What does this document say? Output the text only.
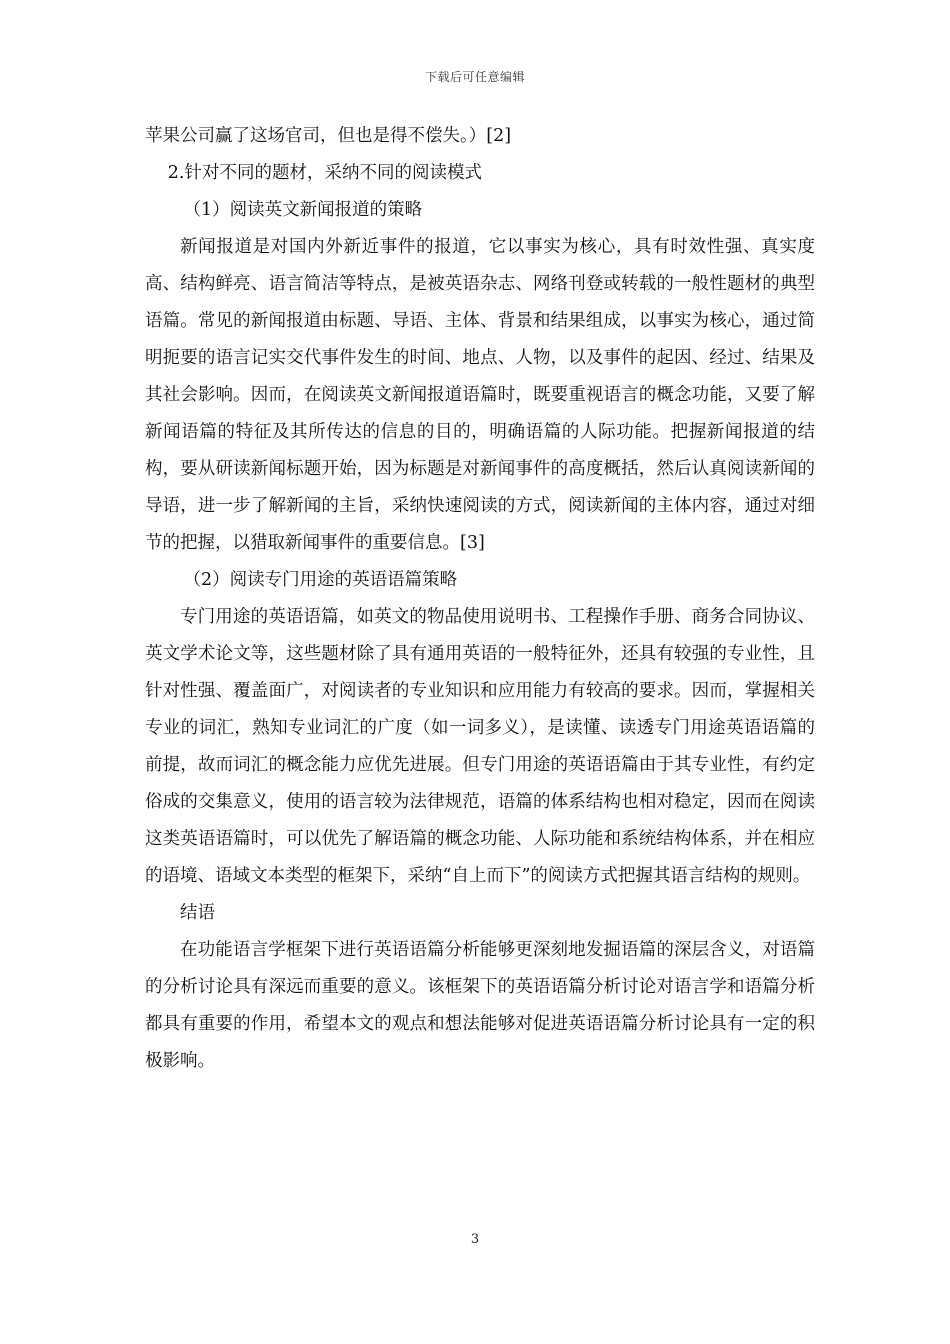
下载后可任意编辑

苹果公司赢了这场官司，但也是得不偿失。）[2]

2.针对不同的题材，采纳不同的阅读模式

（1）阅读英文新闻报道的策略

新闻报道是对国内外新近事件的报道，它以事实为核心，具有时效性强、真实度高、结构鲜亮、语言简洁等特点，是被英语杂志、网络刊登或转载的一般性题材的典型语篇。常见的新闻报道由标题、导语、主体、背景和结果组成，以事实为核心，通过简明扼要的语言记实交代事件发生的时间、地点、人物，以及事件的起因、经过、结果及其社会影响。因而，在阅读英文新闻报道语篇时，既要重视语言的概念功能，又要了解新闻语篇的特征及其所传达的信息的目的，明确语篇的人际功能。把握新闻报道的结构，要从研读新闻标题开始，因为标题是对新闻事件的高度概括，然后认真阅读新闻的导语，进一步了解新闻的主旨，采纳快速阅读的方式，阅读新闻的主体内容，通过对细节的把握，以猎取新闻事件的重要信息。[3]

（2）阅读专门用途的英语语篇策略

专门用途的英语语篇，如英文的物品使用说明书、工程操作手册、商务合同协议、英文学术论文等，这些题材除了具有通用英语的一般特征外，还具有较强的专业性，且针对性强、覆盖面广，对阅读者的专业知识和应用能力有较高的要求。因而，掌握相关专业的词汇，熟知专业词汇的广度（如一词多义），是读懂、读透专门用途英语语篇的前提，故而词汇的概念能力应优先进展。但专门用途的英语语篇由于其专业性，有约定俗成的交集意义，使用的语言较为法律规范，语篇的体系结构也相对稳定，因而在阅读这类英语语篇时，可以优先了解语篇的概念功能、人际功能和系统结构体系，并在相应的语境、语域文本类型的框架下，采纳“自上而下”的阅读方式把握其语言结构的规则。

结语

在功能语言学框架下进行英语语篇分析能够更深刻地发掘语篇的深层含义，对语篇的分析讨论具有深远而重要的意义。该框架下的英语语篇分析讨论对语言学和语篇分析都具有重要的作用，希望本文的观点和想法能够对促进英语语篇分析讨论具有一定的积极影响。

3
